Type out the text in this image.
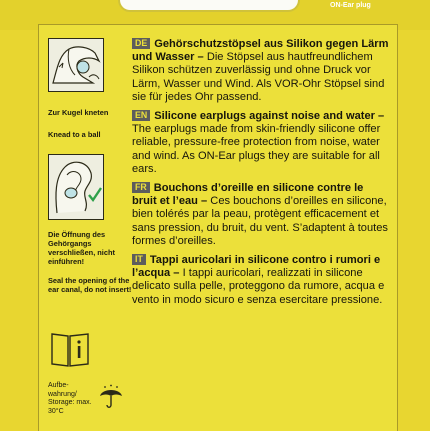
ON-Ear plug
Zur Kugel kneten
Knead to a ball
Die Öffnung des Gehörgangs verschließen, nicht einführen!
Seal the opening of the ear canal, do not insert!
Aufbe-wahrung/ Storage: max. 30°C
DE Gehörschutzstöpsel aus Silikon gegen Lärm und Wasser – Die Stöpsel aus hautfreundlichem Silikon schützen zuverlässig und ohne Druck vor Lärm, Wasser und Wind. Als VOR-Ohr Stöpsel sind sie für jedes Ohr passend.
EN Silicone earplugs against noise and water – The earplugs made from skin-friendly silicone offer reliable, pressure-free protection from noise, water and wind. As ON-Ear plugs they are suitable for all ears.
FR Bouchons d’oreille en silicone contre le bruit et l’eau – Ces bouchons d’oreilles en silicone, bien tolérés par la peau, protègent efficacement et sans pression, du bruit, du vent. S’adaptent à toutes formes d’oreilles.
IT Tappi auricolari in silicone contro i rumori e l’acqua – I tappi auricolari, realizzati in silicone delicato sulla pelle, proteggono da rumore, acqua e vento in modo sicuro e senza esercitare pressione.
